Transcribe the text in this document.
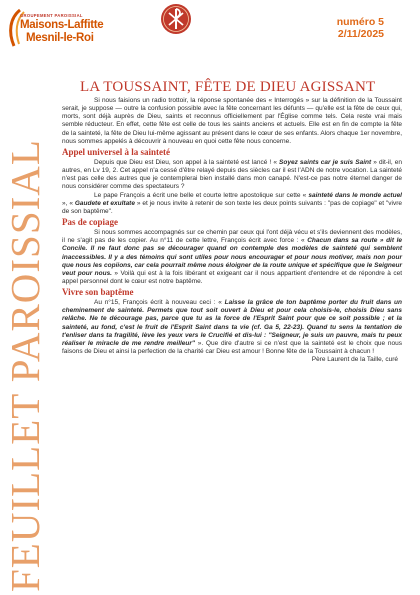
FEUILLET PAROISSIAL
GROUPEMENT PAROISSIAL
Maisons-Laffitte
Mesnil-le-Roi
numéro 5
2/11/2025
LA TOUSSAINT, FÊTE DE DIEU AGISSANT

Si nous faisions un radio trottoir, la réponse spontanée des « Interrogés » sur la définition de la Toussaint serait, je suppose — outre la confusion possible avec la fête concernant les défunts — qu'elle est la fête de ceux qui, morts, sont déjà auprès de Dieu, saints et reconnus officiellement par l'Église comme tels. Cela reste vrai mais semble réducteur. En effet, cette fête est celle de tous les saints anciens et actuels. Elle est en fin de compte la fête de la sainteté, la fête de Dieu lui-même agissant au présent dans le cœur de ses enfants. Alors chaque 1er novembre, nous sommes appelés à découvrir à nouveau en quoi cette fête nous concerne.

Appel universel à la sainteté

Depuis que Dieu est Dieu, son appel à la sainteté est lancé ! « Soyez saints car je suis Saint » dit-il, en autres, en Lv 19, 2. Cet appel n'a cessé d'être relayé depuis des siècles car il est l'ADN de notre vocation. La sainteté n'est pas celle des autres que je contemplerai bien installé dans mon canapé. N'est-ce pas notre éternel danger de nous considérer comme des spectateurs ?

Le pape François a écrit une belle et courte lettre apostolique sur cette « sainteté dans le monde actuel », « Gaudete et exultate » et je nous invite à retenir de son texte les deux points suivants : "pas de copiage" et "vivre de son baptême".

Pas de copiage

Si nous sommes accompagnés sur ce chemin par ceux qui l'ont déjà vécu et s'ils deviennent des modèles, il ne s'agit pas de les copier. Au n°11 de cette lettre, François écrit avec force : « Chacun dans sa route » dit le Concile. Il ne faut donc pas se décourager quand on contemple des modèles de sainteté qui semblent inaccessibles. Il y a des témoins qui sont utiles pour nous encourager et pour nous motiver, mais non pour que nous les copiions, car cela pourrait même nous éloigner de la route unique et spécifique que le Seigneur veut pour nous. » Voilà qui est à la fois libérant et exigeant car il nous appartient d'entendre et de répondre à cet appel personnel dont le cœur est notre baptême.

Vivre son baptême

Au n°15, François écrit à nouveau ceci : « Laisse la grâce de ton baptême porter du fruit dans un cheminement de sainteté. Permets que tout soit ouvert à Dieu et pour cela choisis-le, choisis Dieu sans relâche. Ne te décourage pas, parce que tu as la force de l'Esprit Saint pour que ce soit possible ; et la sainteté, au fond, c'est le fruit de l'Esprit Saint dans ta vie (cf. Ga 5, 22-23). Quand tu sens la tentation de t'enliser dans ta fragilité, lève les yeux vers le Crucifié et dis-lui : "Seigneur, je suis un pauvre, mais tu peux réaliser le miracle de me rendre meilleur" ». Que dire d'autre si ce n'est que la sainteté est le choix que nous faisons de Dieu et ainsi la perfection de la charité car Dieu est amour ! Bonne fête de la Toussaint à chacun !

Père Laurent de la Taille, curé
